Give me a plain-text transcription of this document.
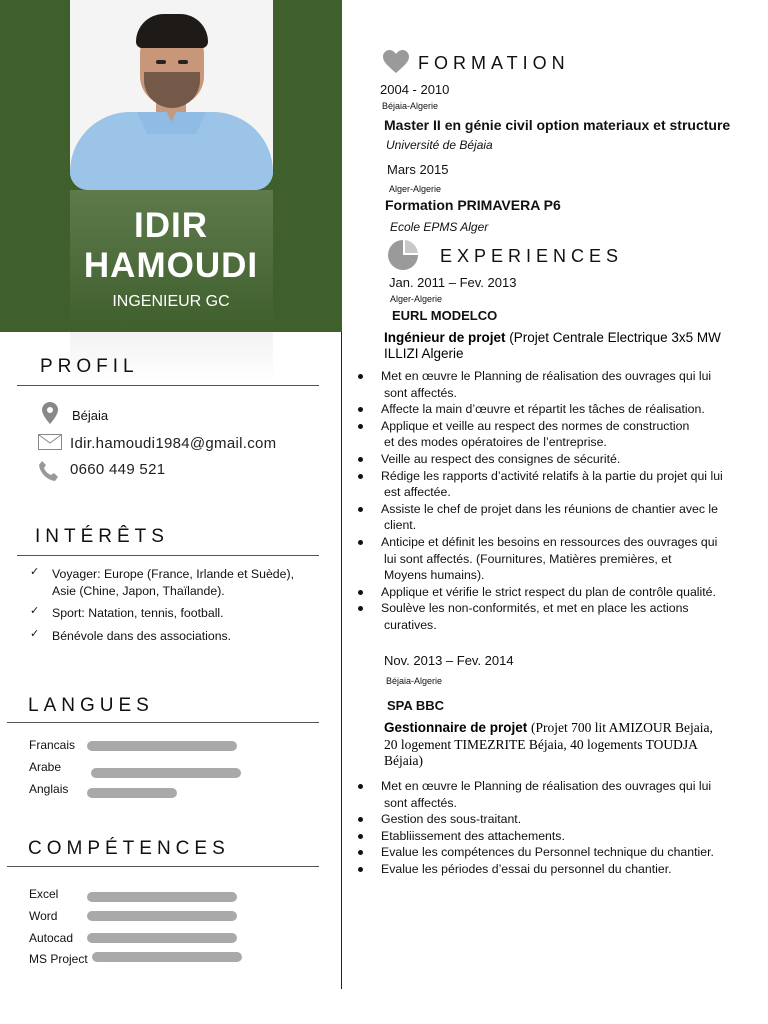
IDIR
HAMOUDI
INGENIEUR GC
PROFIL
Béjaia
Idir.hamoudi1984@gmail.com
0660 449 521
INTÉRÊTS
✓ Voyager: Europe (France, Irlande et Suède),
Asie (Chine, Japon, Thaïlande).
✓ Sport: Natation, tennis, football.
✓ Bénévole dans des associations.
LANGUES
Francais
Arabe
Anglais
COMPÉTENCES
Excel
Word
Autocad
MS Project
FORMATION
2004 - 2010
Béjaia-Algerie
Master II en génie civil option materiaux et structure
Université de Béjaia
Mars 2015
Alger-Algerie
Formation PRIMAVERA P6
Ecole EPMS Alger
EXPERIENCES
Jan. 2011 – Fev. 2013
Alger-Algerie
EURL MODELCO
Ingénieur de projet (Projet Centrale Electrique 3x5 MW
ILLIZI Algerie
Met en œuvre le Planning de réalisation des ouvrages qui lui
sont affectés.
Affecte la main d’œuvre et répartit les tâches de réalisation.
Applique et veille au respect des normes de construction
et des modes opératoires de l’entreprise.
Veille au respect des consignes de sécurité.
Rédige les rapports d’activité relatifs à la partie du projet qui lui
est affectée.
Assiste le chef de projet dans les réunions de chantier avec le
client.
Anticipe et définit les besoins en ressources des ouvrages qui
lui sont affectés. (Fournitures, Matières premières, et
Moyens humains).
Applique et vérifie le strict respect du plan de contrôle qualité.
Soulève les non-conformités, et met en place les actions
curatives.
Nov. 2013 – Fev. 2014
Béjaia-Algerie
SPA BBC
Gestionnaire de projet (Projet 700 lit AMIZOUR Bejaia,
20 logement TIMEZRITE Béjaia, 40 logements TOUDJA
Béjaia)
Met en œuvre le Planning de réalisation des ouvrages qui lui
sont affectés.
Gestion des sous-traitant.
Etabliissement des attachements.
Evalue les compétences du Personnel technique du chantier.
Evalue les périodes d’essai du personnel du chantier.
